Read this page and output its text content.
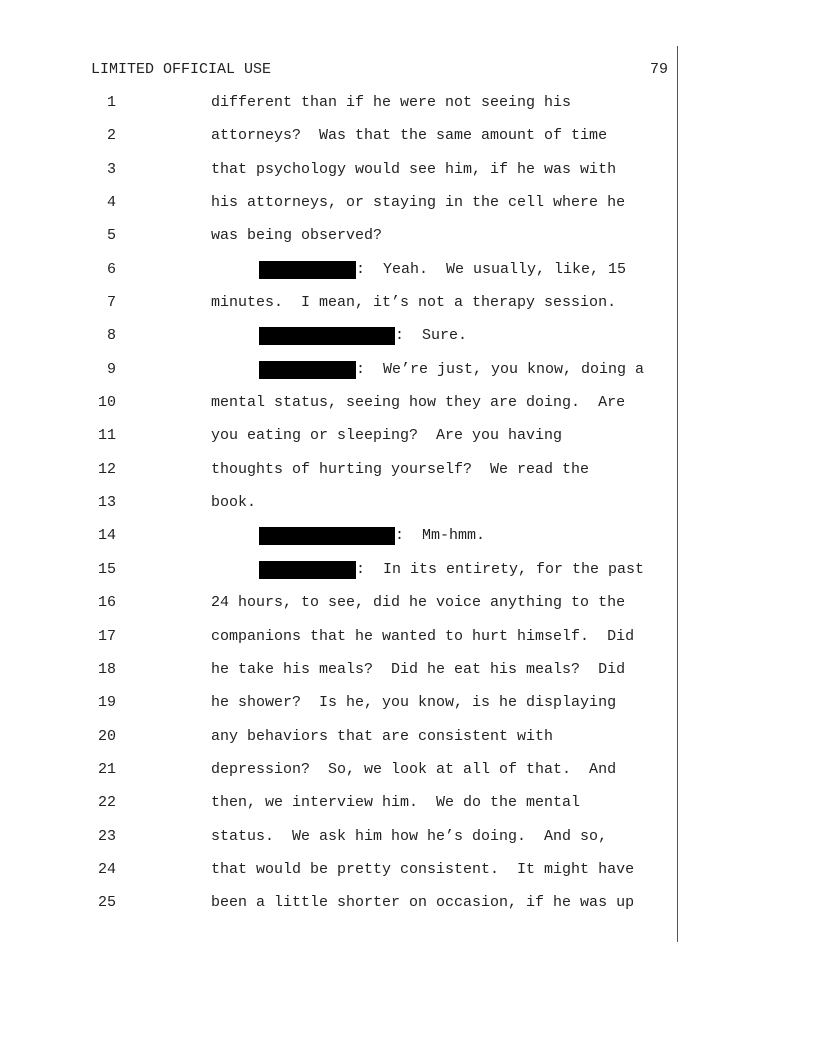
LIMITED OFFICIAL USE	79
1	different than if he were not seeing his
2	attorneys?  Was that the same amount of time
3	that psychology would see him, if he was with
4	his attorneys, or staying in the cell where he
5	was being observed?
6	:  Yeah.  We usually, like, 15
7	minutes.  I mean, it’s not a therapy session.
8	:  Sure.
9	:  We’re just, you know, doing a
10	mental status, seeing how they are doing.  Are
11	you eating or sleeping?  Are you having
12	thoughts of hurting yourself?  We read the
13	book.
14	:  Mm-hmm.
15	:  In its entirety, for the past
16	24 hours, to see, did he voice anything to the
17	companions that he wanted to hurt himself.  Did
18	he take his meals?  Did he eat his meals?  Did
19	he shower?  Is he, you know, is he displaying
20	any behaviors that are consistent with
21	depression?  So, we look at all of that.  And
22	then, we interview him.  We do the mental
23	status.  We ask him how he’s doing.  And so,
24	that would be pretty consistent.  It might have
25	been a little shorter on occasion, if he was up
